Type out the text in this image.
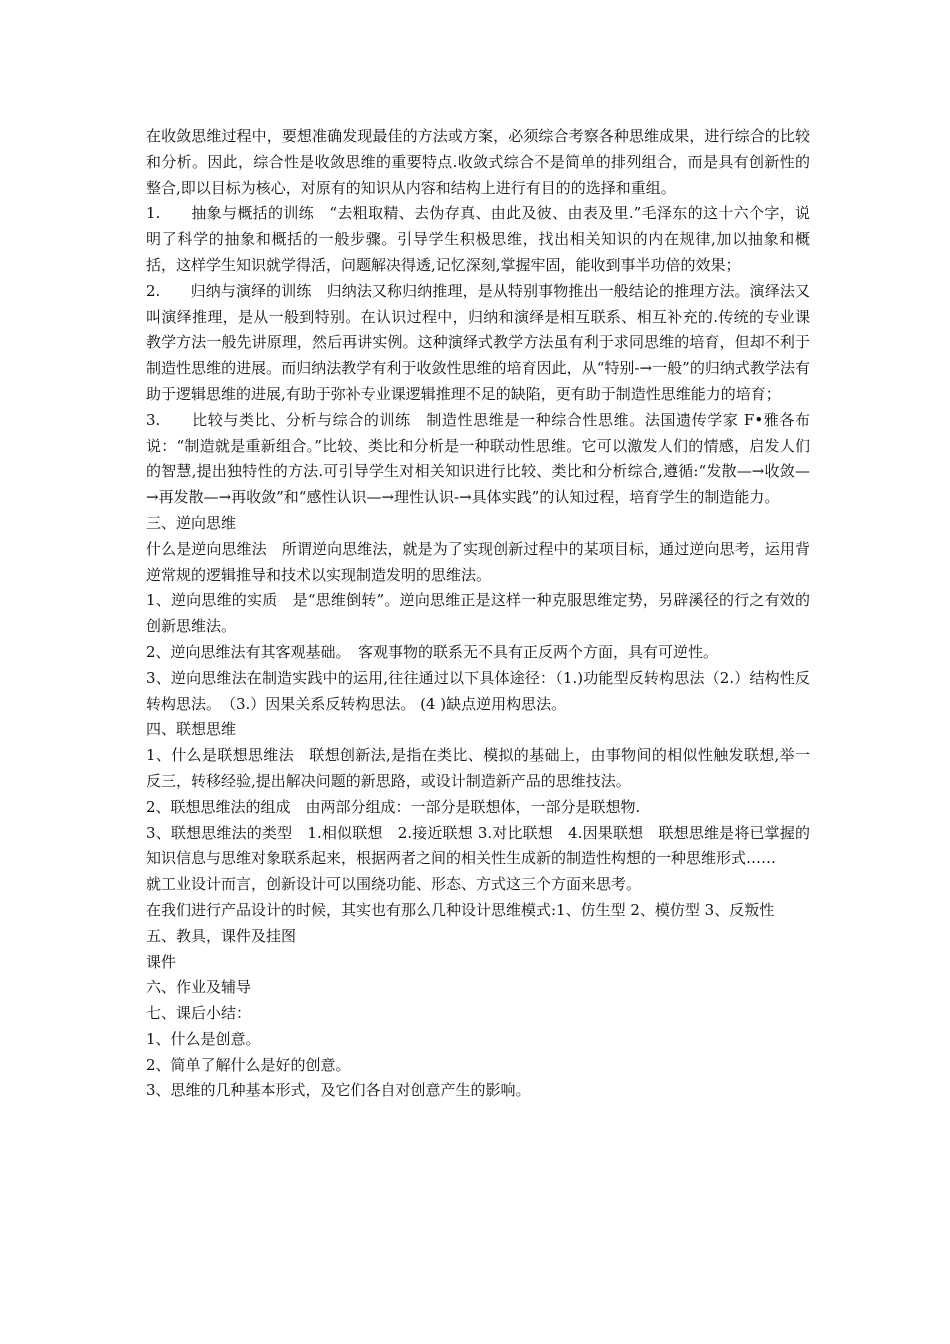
在收敛思维过程中，要想准确发现最佳的方法或方案，必须综合考察各种思维成果，进行综合的比较和分析。因此，综合性是收敛思维的重要特点.收敛式综合不是简单的排列组合，而是具有创新性的整合,即以目标为核心，对原有的知识从内容和结构上进行有目的的选择和重组。

1.　　抽象与概括的训练　“去粗取精、去伪存真、由此及彼、由表及里.”毛泽东的这十六个字，说明了科学的抽象和概括的一般步骤。引导学生积极思维，找出相关知识的内在规律,加以抽象和概括，这样学生知识就学得活，问题解决得透,记忆深刻,掌握牢固，能收到事半功倍的效果；

2.　　归纳与演绎的训练　归纳法又称归纳推理，是从特别事物推出一般结论的推理方法。演绎法又叫演绎推理，是从一般到特别。在认识过程中，归纳和演绎是相互联系、相互补充的.传统的专业课教学方法一般先讲原理，然后再讲实例。这种演绎式教学方法虽有利于求同思维的培育，但却不利于制造性思维的进展。而归纳法教学有利于收敛性思维的培育因此，从“特别-→一般”的归纳式教学法有助于逻辑思维的进展,有助于弥补专业课逻辑推理不足的缺陷，更有助于制造性思维能力的培育；

3.　　比较与类比、分析与综合的训练　制造性思维是一种综合性思维。法国遗传学家 F•雅各布说：“制造就是重新组合。”比较、类比和分析是一种联动性思维。它可以激发人们的情感，启发人们的智慧,提出独特性的方法.可引导学生对相关知识进行比较、类比和分析综合,遵循:“发散—→收敛—→再发散—→再收敛”和“感性认识—→理性认识-→具体实践”的认知过程，培育学生的制造能力。

三、逆向思维

什么是逆向思维法　所谓逆向思维法，就是为了实现创新过程中的某项目标，通过逆向思考，运用背逆常规的逻辑推导和技术以实现制造发明的思维法。

1、逆向思维的实质　是“思维倒转”。逆向思维正是这样一种克服思维定势，另辟溪径的行之有效的创新思维法。

2、逆向思维法有其客观基础。　客观事物的联系无不具有正反两个方面，具有可逆性。

3、逆向思维法在制造实践中的运用,往往通过以下具体途径：（1.)功能型反转构思法（2.）结构性反转构思法。　（3.）因果关系反转构思法。 (4 )缺点逆用构思法。

四、联想思维

1、什么是联想思维法　联想创新法,是指在类比、模拟的基础上，由事物间的相似性触发联想,举一反三，转移经验,提出解决问题的新思路，或设计制造新产品的思维技法。

2、联想思维法的组成　由两部分组成：一部分是联想体，一部分是联想物.

3、联想思维法的类型　1.相似联想　2.接近联想 3.对比联想　4.因果联想　联想思维是将已掌握的知识信息与思维对象联系起来，根据两者之间的相关性生成新的制造性构想的一种思维形式……

就工业设计而言，创新设计可以围绕功能、形态、方式这三个方面来思考。

在我们进行产品设计的时候，其实也有那么几种设计思维模式:1、仿生型 2、模仿型 3、反叛性

五、教具，课件及挂图

课件

六、作业及辅导

七、课后小结：

1、什么是创意。

2、简单了解什么是好的创意。

3、思维的几种基本形式，及它们各自对创意产生的影响。
